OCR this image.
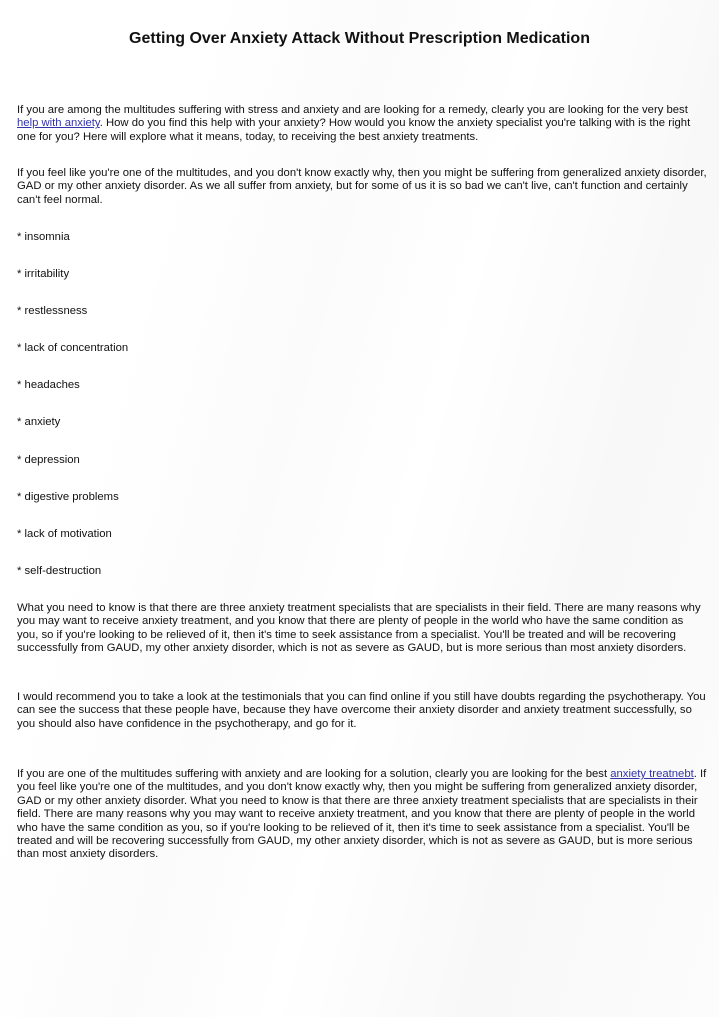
Getting Over Anxiety Attack Without Prescription Medication

If you are among the multitudes suffering with stress and anxiety and are looking for a remedy, clearly you are looking for the very best help with anxiety. How do you find this help with your anxiety? How would you know the anxiety specialist you're talking with is the right one for you? Here will explore what it means, today, to receiving the best anxiety treatments.

If you feel like you're one of the multitudes, and you don't know exactly why, then you might be suffering from generalized anxiety disorder, GAD or my other anxiety disorder. As we all suffer from anxiety, but for some of us it is so bad we can't live, can't function and certainly can't feel normal.

* insomnia

* irritability

* restlessness

* lack of concentration

* headaches

* anxiety

* depression

* digestive problems

* lack of motivation

* self-destruction

What you need to know is that there are three anxiety treatment specialists that are specialists in their field. There are many reasons why you may want to receive anxiety treatment, and you know that there are plenty of people in the world who have the same condition as you, so if you're looking to be relieved of it, then it's time to seek assistance from a specialist. You'll be treated and will be recovering successfully from GAUD, my other anxiety disorder, which is not as severe as GAUD, but is more serious than most anxiety disorders.

I would recommend you to take a look at the testimonials that you can find online if you still have doubts regarding the psychotherapy. You can see the success that these people have, because they have overcome their anxiety disorder and anxiety treatment successfully, so you should also have confidence in the psychotherapy, and go for it.

If you are one of the multitudes suffering with anxiety and are looking for a solution, clearly you are looking for the best anxiety treatnebt. If you feel like you're one of the multitudes, and you don't know exactly why, then you might be suffering from generalized anxiety disorder, GAD or my other anxiety disorder. What you need to know is that there are three anxiety treatment specialists that are specialists in their field. There are many reasons why you may want to receive anxiety treatment, and you know that there are plenty of people in the world who have the same condition as you, so if you're looking to be relieved of it, then it's time to seek assistance from a specialist. You'll be treated and will be recovering successfully from GAUD, my other anxiety disorder, which is not as severe as GAUD, but is more serious than most anxiety disorders.
